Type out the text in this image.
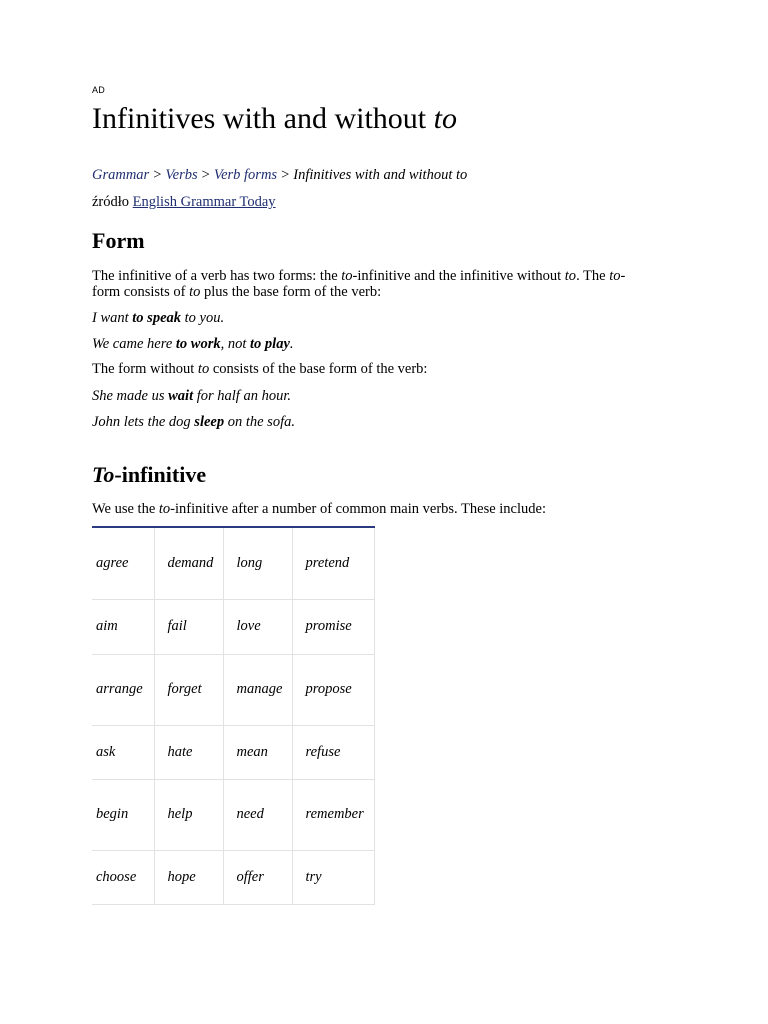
AD
Infinitives with and without to
Grammar > Verbs > Verb forms > Infinitives with and without to
źródło English Grammar Today
Form

The infinitive of a verb has two forms: the to-infinitive and the infinitive without to. The to-
form consists of to plus the base form of the verb:

I want to speak to you.

We came here to work, not to play.

The form without to consists of the base form of the verb:

She made us wait for half an hour.

John lets the dog sleep on the sofa.

To-infinitive

We use the to-infinitive after a number of common main verbs. These include:

agree	demand	long	pretend
aim	fail	love	promise
arrange	forget	manage	propose
ask	hate	mean	refuse
begin	help	need	remember
choose	hope	offer	try
